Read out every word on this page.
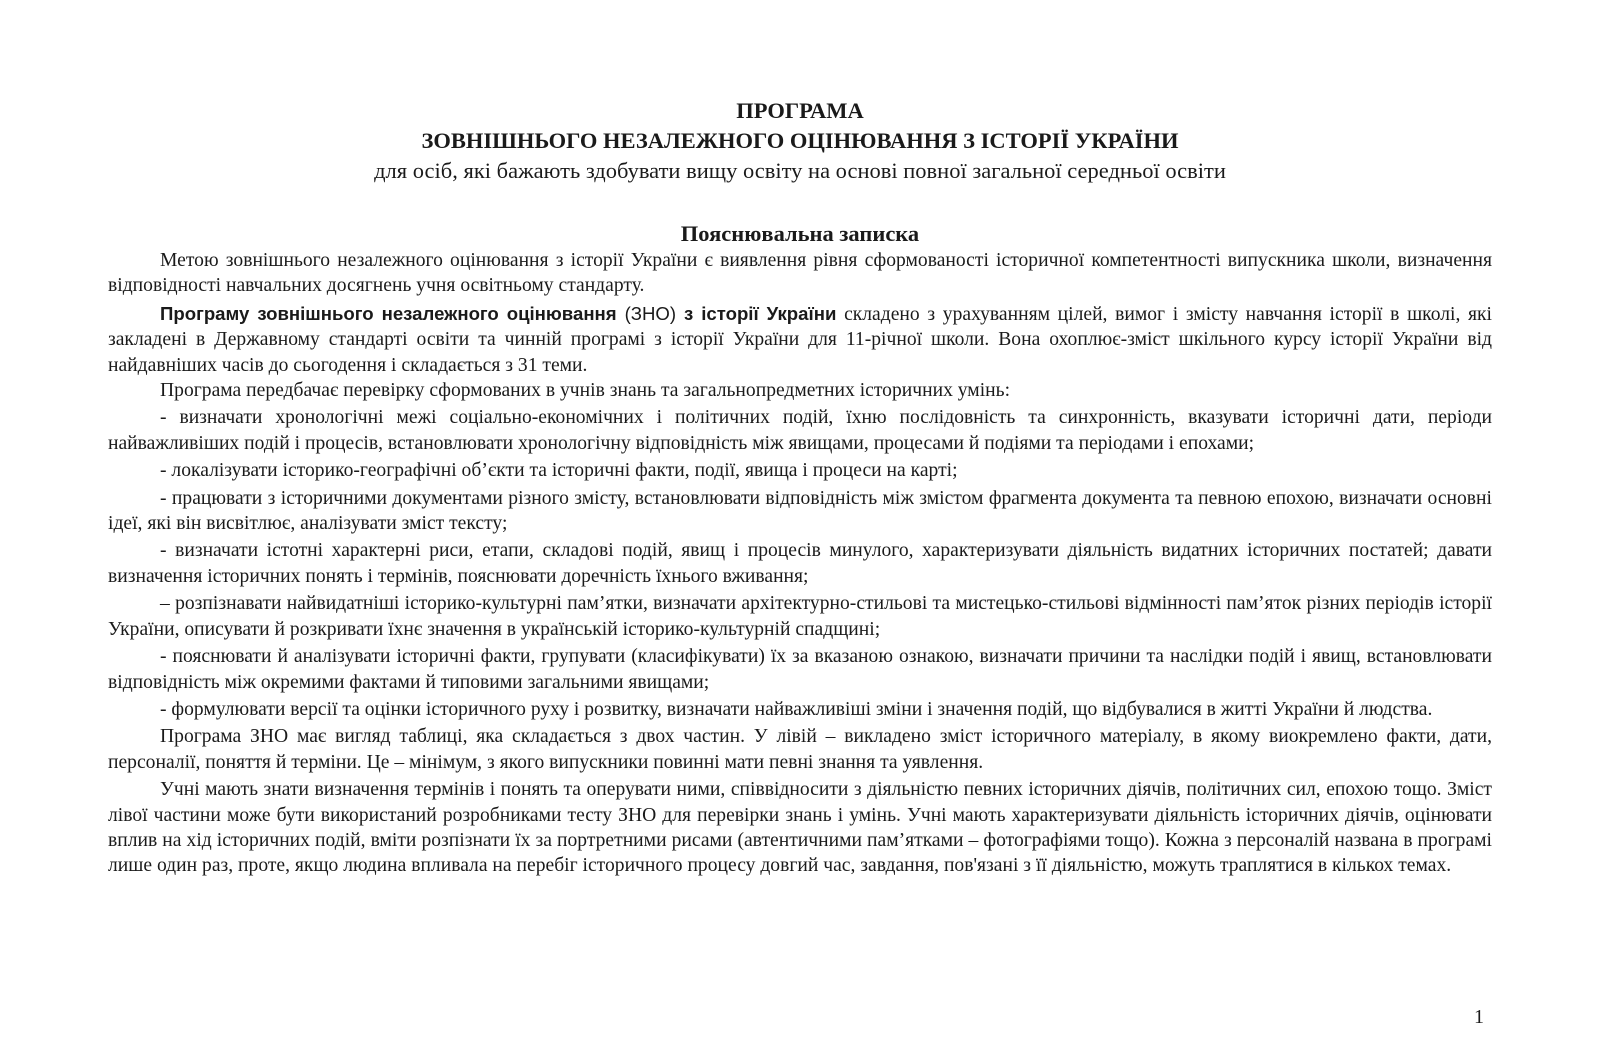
ПРОГРАМА

ЗОВНІШНЬОГО НЕЗАЛЕЖНОГО ОЦІНЮВАННЯ З ІСТОРІЇ УКРАЇНИ

для осіб, які бажають здобувати вищу освіту на основі повної загальної середньої освіти

Пояснювальна записка

Метою зовнішнього незалежного оцінювання з історії України є виявлення рівня сформованості історичної компетентності випускника школи, визначення відповідності навчальних досягнень учня освітньому стандарту.

Програму зовнішнього незалежного оцінювання (ЗНО) з історії України складено з урахуванням цілей, вимог і змісту навчання історії в школі, які закладені в Державному стандарті освіти та чинній програмі з історії України для 11-річної школи. Вона охоплює-зміст шкільного курсу історії України від найдавніших часів до сьогодення і складається з 31 теми.

Програма передбачає перевірку сформованих в учнів знань та загальнопредметних історичних умінь:

- визначати хронологічні межі соціально-економічних і політичних подій, їхню послідовність та синхронність, вказувати історичні дати, періоди найважливіших подій і процесів, встановлювати хронологічну відповідність між явищами, процесами й подіями та періодами і епохами;

- локалізувати історико-географічні об’єкти та історичні факти, події, явища і процеси на карті;

- працювати з історичними документами різного змісту, встановлювати відповідність між змістом фрагмента документа та певною епохою, визначати основні ідеї, які він висвітлює, аналізувати зміст тексту;

- визначати істотні характерні риси, етапи, складові подій, явищ і процесів минулого, характеризувати діяльність видатних історичних постатей; давати визначення історичних понять і термінів, пояснювати доречність їхнього вживання;

– розпізнавати найвидатніші історико-культурні пам’ятки, визначати архітектурно-стильові та мистецько-стильові відмінності пам’яток різних періодів історії України, описувати й розкривати їхнє значення в українській історико-культурній спадщині;

- пояснювати й аналізувати історичні факти, групувати (класифікувати) їх за вказаною ознакою, визначати причини та наслідки подій і явищ, встановлювати відповідність між окремими фактами й типовими загальними явищами;

- формулювати версії та оцінки історичного руху і розвитку, визначати найважливіші зміни і значення подій, що відбувалися в житті України й людства.

Програма ЗНО має вигляд таблиці, яка складається з двох частин. У лівій – викладено зміст історичного матеріалу, в якому виокремлено факти, дати, персоналії, поняття й терміни. Це – мінімум, з якого випускники повинні мати певні знання та уявлення.

Учні мають знати визначення термінів і понять та оперувати ними, співвідносити з діяльністю певних історичних діячів, політичних сил, епохою тощо. Зміст лівої частини може бути використаний розробниками тесту ЗНО для перевірки знань і умінь. Учні мають характеризувати діяльність історичних діячів, оцінювати вплив на хід історичних подій, вміти розпізнати їх за портретними рисами (автентичними пам’ятками – фотографіями тощо). Кожна з персоналій названа в програмі лише один раз, проте, якщо людина впливала на перебіг історичного процесу довгий час, завдання, пов'язані з її діяльністю, можуть траплятися в кількох темах.

1
